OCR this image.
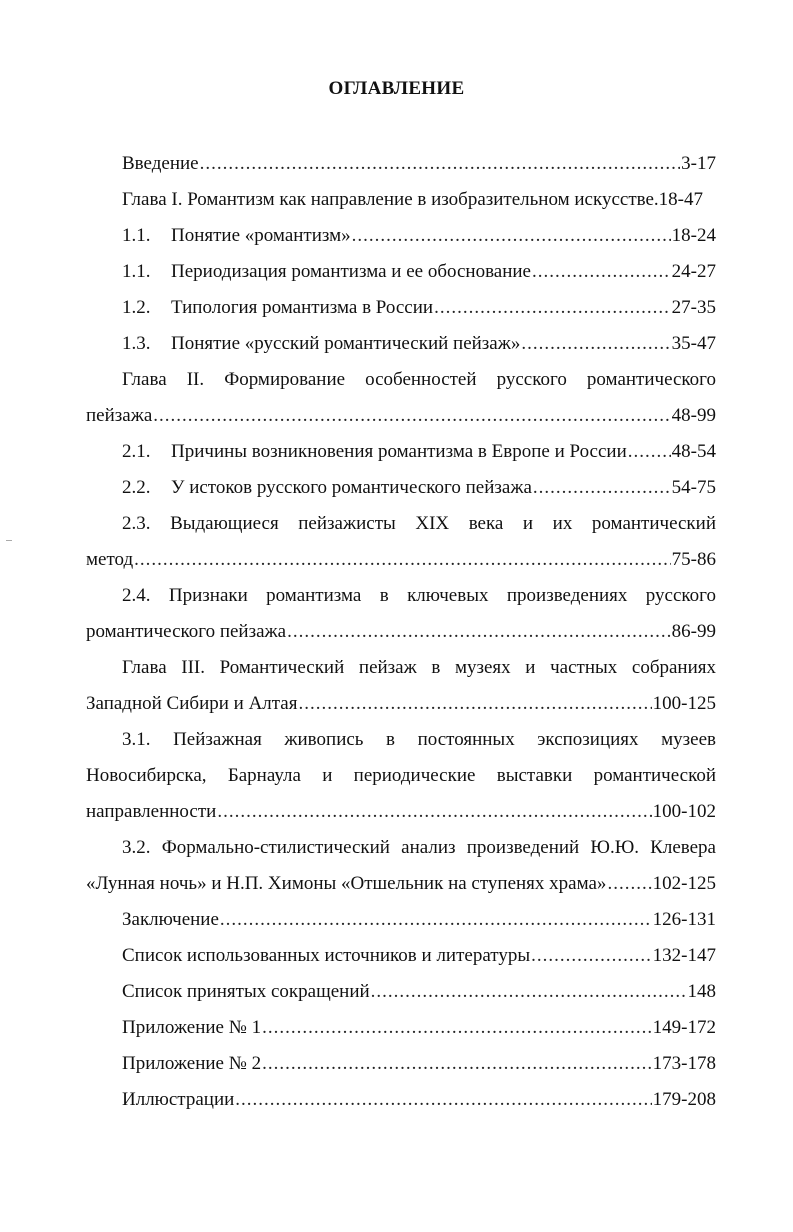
ОГЛАВЛЕНИЕ
Введение .....	3-17
Глава I. Романтизм как направление в изобразительном искусстве. 18-47
1.1.	Понятие «романтизм» .....	18-24
1.1.	Периодизация романтизма и ее обоснование .....	24-27
1.2.	Типология романтизма в России .....	27-35
1.3.	Понятие «русский романтический пейзаж» .....	35-47
Глава II. Формирование особенностей русского романтического
пейзажа .....	48-99
2.1.	Причины возникновения романтизма в Европе и России ..... 48-54
2.2.	У истоков русского романтического пейзажа .....	54-75
2.3. Выдающиеся пейзажисты XIX века и их романтический
метод .....	75-86
2.4. Признаки романтизма в ключевых произведениях русского
романтического пейзажа .....	86-99
Глава III. Романтический пейзаж в музеях и частных собраниях
Западной Сибири и Алтая .....	100-125
3.1. Пейзажная живопись в постоянных экспозициях музеев
Новосибирска, Барнаула и периодические выставки романтической
направленности .....	100-102
3.2. Формально-стилистический анализ произведений Ю.Ю. Клевера
«Лунная ночь» и Н.П. Химоны «Отшельник на ступенях храма» ..... 102-125
Заключение .....	126-131
Список использованных источников и литературы .....	132-147
Список принятых сокращений .....	148
Приложение № 1 .....	149-172
Приложение № 2 .....	173-178
Иллюстрации .....	179-208
